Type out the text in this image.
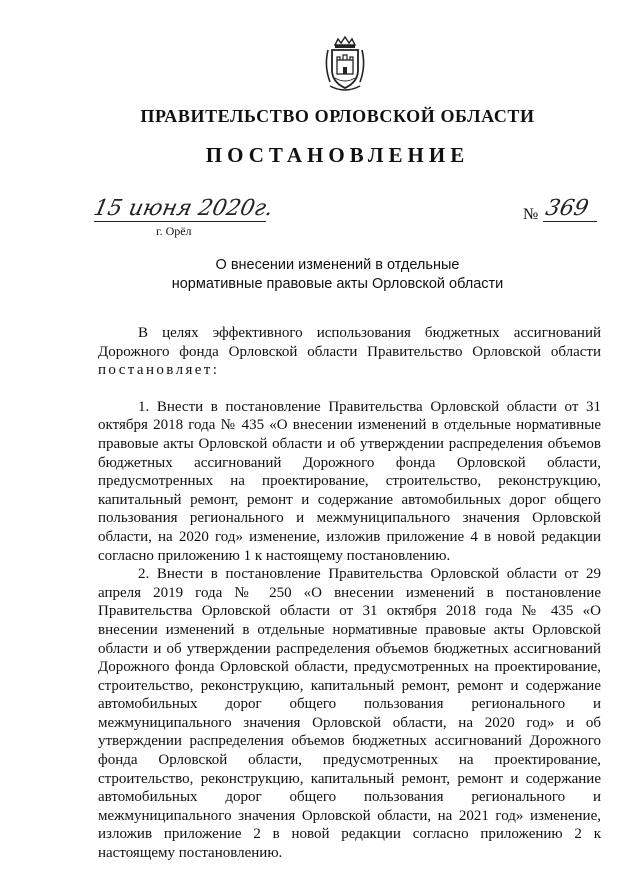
ПРАВИТЕЛЬСТВО ОРЛОВСКОЙ ОБЛАСТИ
ПОСТАНОВЛЕНИЕ
15 июня 2020г.
г. Орёл
№ 369
О внесении изменений в отдельные
нормативные правовые акты Орловской области

В целях эффективного использования бюджетных ассигнований Дорожного фонда Орловской области Правительство Орловской области постановляет:

1. Внести в постановление Правительства Орловской области от 31 октября 2018 года № 435 «О внесении изменений в отдельные нормативные правовые акты Орловской области и об утверждении распределения объемов бюджетных ассигнований Дорожного фонда Орловской области, предусмотренных на проектирование, строительство, реконструкцию, капитальный ремонт, ремонт и содержание автомобильных дорог общего пользования регионального и межмуниципального значения Орловской области, на 2020 год» изменение, изложив приложение 4 в новой редакции согласно приложению 1 к настоящему постановлению.

2. Внести в постановление Правительства Орловской области от 29 апреля 2019 года № 250 «О внесении изменений в постановление Правительства Орловской области от 31 октября 2018 года № 435 «О внесении изменений в отдельные нормативные правовые акты Орловской области и об утверждении распределения объемов бюджетных ассигнований Дорожного фонда Орловской области, предусмотренных на проектирование, строительство, реконструкцию, капитальный ремонт, ремонт и содержание автомобильных дорог общего пользования регионального и межмуниципального значения Орловской области, на 2020 год» и об утверждении распределения объемов бюджетных ассигнований Дорожного фонда Орловской области, предусмотренных на проектирование, строительство, реконструкцию, капитальный ремонт, ремонт и содержание автомобильных дорог общего пользования регионального и межмуниципального значения Орловской области, на 2021 год» изменение, изложив приложение 2 в новой редакции согласно приложению 2 к настоящему постановлению.
